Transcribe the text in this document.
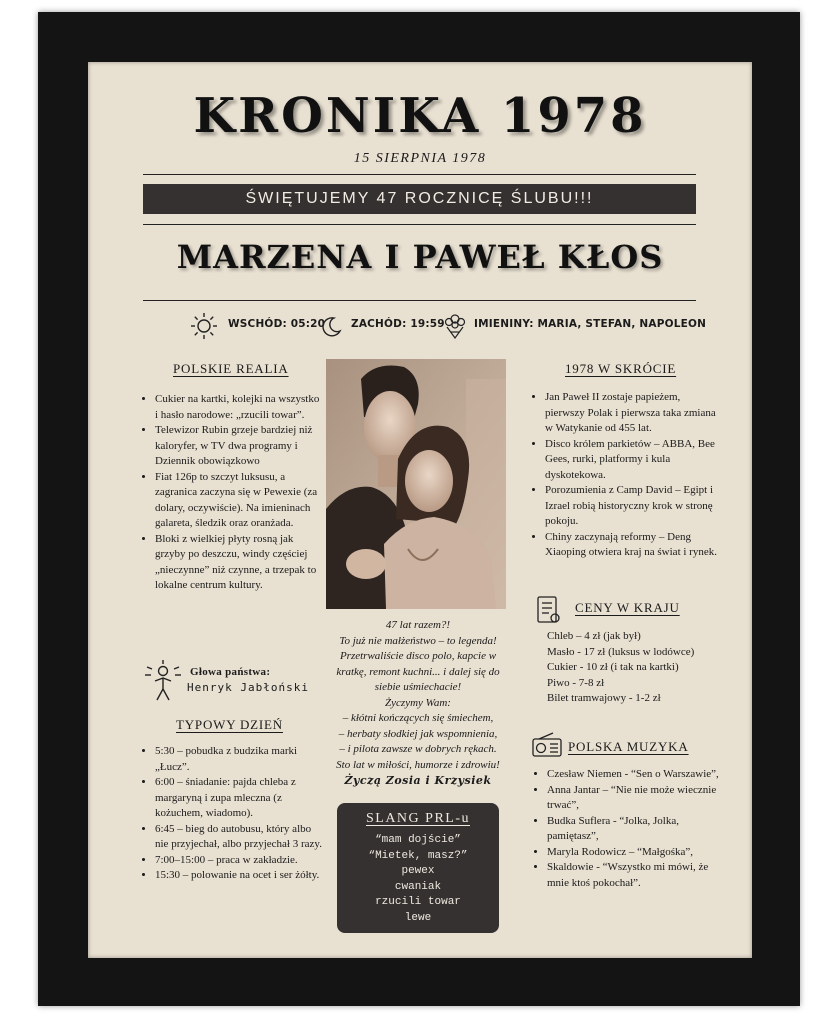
KRONIKA 1978
15 SIERPNIA 1978
ŚWIĘTUJEMY 47 ROCZNICĘ ŚLUBU!!!
MARZENA I PAWEŁ KŁOS
WSCHÓD: 05:20 ZACHÓD: 19:59	IMIENINY: MARIA, STEFAN, NAPOLEON
POLSKIE REALIA
• Cukier na kartki, kolejki na wszystko i hasło narodowe: „rzucili towar”.
• Telewizor Rubin grzeje bardziej niż kaloryfer, w TV dwa programy i Dziennik obowiązkowo
• Fiat 126p to szczyt luksusu, a zagranica zaczyna się w Pewexie (za dolary, oczywiście). Na imieninach galareta, śledzik oraz oranżada.
• Bloki z wielkiej płyty rosną jak grzyby po deszczu, windy częściej „nieczynne” niż czynne, a trzepak to lokalne centrum kultury.
Głowa państwa:
Henryk Jabłoński
TYPOWY DZIEŃ
• 5:30 – pobudka z budzika marki „Łucz”.
• 6:00 – śniadanie: pajda chleba z margaryną i zupa mleczna (z kożuchem, wiadomo).
• 6:45 – bieg do autobusu, który albo nie przyjechał, albo przyjechał 3 razy.
• 7:00–15:00 – praca w zakładzie.
• 15:30 – polowanie na ocet i ser żółty.
47 lat razem?!
To już nie małżeństwo – to legenda!
Przetrwaliście disco polo, kapcie w
kratkę, remont kuchni... i dalej się do
siebie uśmiechacie!
Życzymy Wam:
– kłótni kończących się śmiechem,
– herbaty słodkiej jak wspomnienia,
– i pilota zawsze w dobrych rękach.
Sto lat w miłości, humorze i zdrowiu!
Życzą Zosia i Krzysiek
SLANG PRL-u
“mam dojście”
“Mietek, masz?”
pewex
cwaniak
rzucili towar
lewe
1978 W SKRÓCIE
• Jan Paweł II zostaje papieżem, pierwszy Polak i pierwsza taka zmiana w Watykanie od 455 lat.
• Disco królem parkietów – ABBA, Bee Gees, rurki, platformy i kula dyskotekowa.
• Porozumienia z Camp David – Egipt i Izrael robią historyczny krok w stronę pokoju.
• Chiny zaczynają reformy – Deng Xiaoping otwiera kraj na świat i rynek.
CENY W KRAJU
Chleb – 4 zł (jak był)
Masło - 17 zł (luksus w lodówce)
Cukier - 10 zł (i tak na kartki)
Piwo - 7-8 zł
Bilet tramwajowy - 1-2 zł
POLSKA MUZYKA
• Czesław Niemen - “Sen o Warszawie”,
• Anna Jantar – “Nie nie może wiecznie trwać”,
• Budka Suflera - “Jolka, Jolka, pamiętasz”,
• Maryla Rodowicz – “Małgośka”,
• Skaldowie - “Wszystko mi mówi, że mnie ktoś pokochał”.
